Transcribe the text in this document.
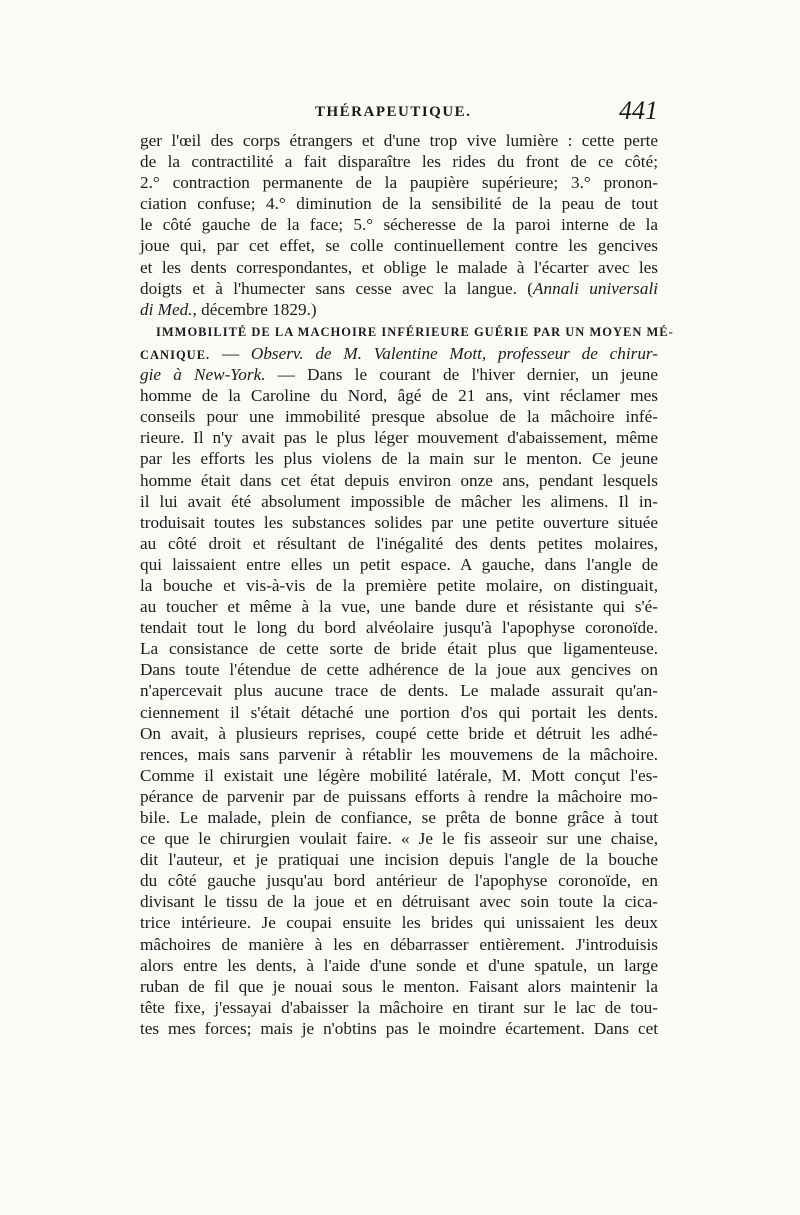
THÉRAPEUTIQUE.	441
ger l'œil des corps étrangers et d'une trop vive lumière : cette perte
de la contractilité a fait disparaître les rides du front de ce côté;
2.° contraction permanente de la paupière supérieure; 3.° pronon-
ciation confuse; 4.° diminution de la sensibilité de la peau de tout
le côté gauche de la face; 5.° sécheresse de la paroi interne de la
joue qui, par cet effet, se colle continuellement contre les gencives
et les dents correspondantes, et oblige le malade à l'écarter avec les
doigts et à l'humecter sans cesse avec la langue. (Annali universali
di Med., décembre 1829.)
IMMOBILITÉ DE LA MACHOIRE INFÉRIEURE GUÉRIE PAR UN MOYEN MÉ-
CANIQUE. — Observ. de M. Valentine Mott, professeur de chirur-
gie à New-York. — Dans le courant de l'hiver dernier, un jeune
homme de la Caroline du Nord, âgé de 21 ans, vint réclamer mes
conseils pour une immobilité presque absolue de la mâchoire infé-
rieure. Il n'y avait pas le plus léger mouvement d'abaissement, même
par les efforts les plus violens de la main sur le menton. Ce jeune
homme était dans cet état depuis environ onze ans, pendant lesquels
il lui avait été absolument impossible de mâcher les alimens. Il in-
troduisait toutes les substances solides par une petite ouverture située
au côté droit et résultant de l'inégalité des dents petites molaires,
qui laissaient entre elles un petit espace. A gauche, dans l'angle de
la bouche et vis-à-vis de la première petite molaire, on distinguait,
au toucher et même à la vue, une bande dure et résistante qui s'é-
tendait tout le long du bord alvéolaire jusqu'à l'apophyse coronoïde.
La consistance de cette sorte de bride était plus que ligamenteuse.
Dans toute l'étendue de cette adhérence de la joue aux gencives on
n'apercevait plus aucune trace de dents. Le malade assurait qu'an-
ciennement il s'était détaché une portion d'os qui portait les dents.
On avait, à plusieurs reprises, coupé cette bride et détruit les adhé-
rences, mais sans parvenir à rétablir les mouvemens de la mâchoire.
Comme il existait une légère mobilité latérale, M. Mott conçut l'es-
pérance de parvenir par de puissans efforts à rendre la mâchoire mo-
bile. Le malade, plein de confiance, se prêta de bonne grâce à tout
ce que le chirurgien voulait faire. « Je le fis asseoir sur une chaise,
dit l'auteur, et je pratiquai une incision depuis l'angle de la bouche
du côté gauche jusqu'au bord antérieur de l'apophyse coronoïde, en
divisant le tissu de la joue et en détruisant avec soin toute la cica-
trice intérieure. Je coupai ensuite les brides qui unissaient les deux
mâchoires de manière à les en débarrasser entièrement. J'introduisis
alors entre les dents, à l'aide d'une sonde et d'une spatule, un large
ruban de fil que je nouai sous le menton. Faisant alors maintenir la
tête fixe, j'essayai d'abaisser la mâchoire en tirant sur le lac de tou-
tes mes forces; mais je n'obtins pas le moindre écartement. Dans cet
